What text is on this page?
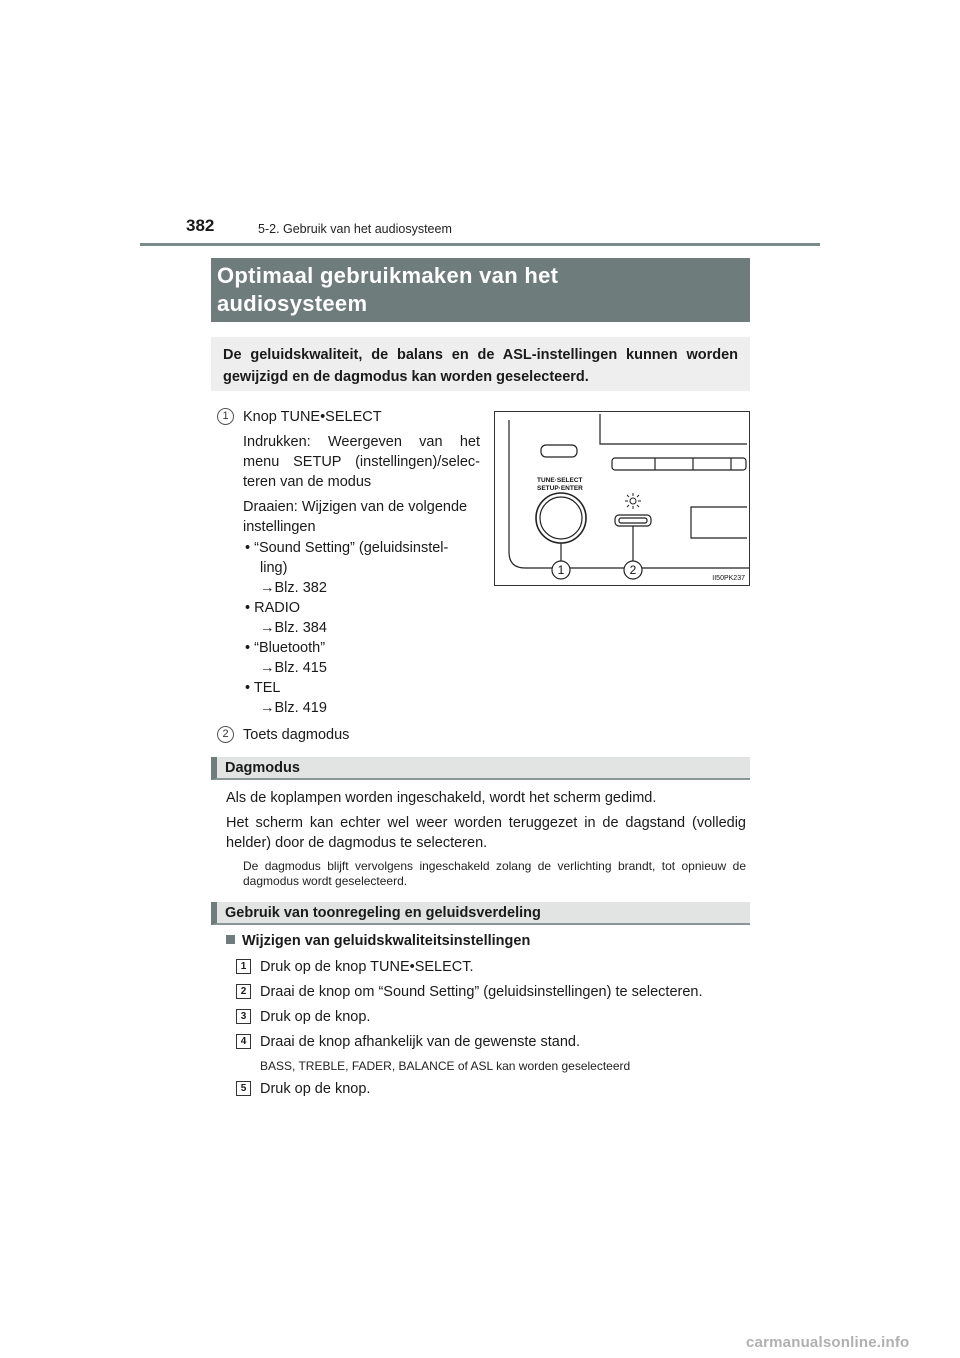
382	5-2. Gebruik van het audiosysteem
Optimaal gebruikmaken van het
audiosysteem
De geluidskwaliteit, de balans en de ASL-instellingen kunnen worden gewijzigd en de dagmodus kan worden geselecteerd.
1 Knop TUNE•SELECT
Indrukken: Weergeven van het menu SETUP (instellingen)/selec-teren van de modus
Draaien: Wijzigen van de volgende instellingen
• “Sound Setting” (geluidsinstel-
ling)
→Blz. 382
• RADIO
→Blz. 384
• “Bluetooth”
→Blz. 415
• TEL
→Blz. 419
TUNE·SELECT
SETUP·ENTER
1	2
II50PK237
2 Toets dagmodus
Dagmodus
Als de koplampen worden ingeschakeld, wordt het scherm gedimd.
Het scherm kan echter wel weer worden teruggezet in de dagstand (volledig helder) door de dagmodus te selecteren.
De dagmodus blijft vervolgens ingeschakeld zolang de verlichting brandt, tot opnieuw de dagmodus wordt geselecteerd.
Gebruik van toonregeling en geluidsverdeling
Wijzigen van geluidskwaliteitsinstellingen
1 Druk op de knop TUNE•SELECT.
2 Draai de knop om “Sound Setting” (geluidsinstellingen) te selecteren.
3 Druk op de knop.
4 Draai de knop afhankelijk van de gewenste stand.
BASS, TREBLE, FADER, BALANCE of ASL kan worden geselecteerd
5 Druk op de knop.
carmanualsonline.info
